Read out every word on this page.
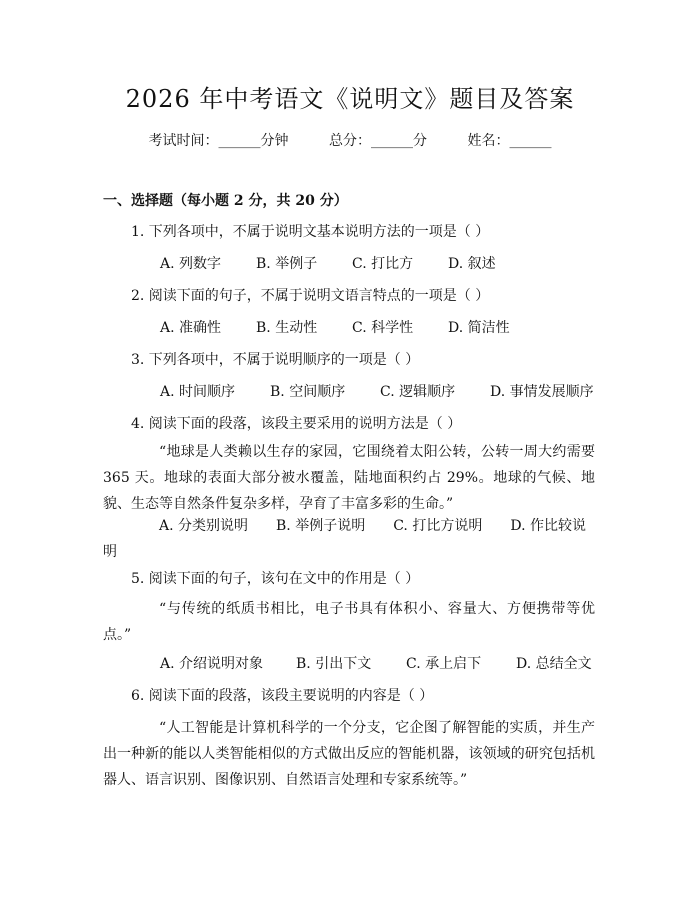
2026 年中考语文《说明文》题目及答案
考试时间：______分钟	总分：______分	姓名：______
一、选择题（每小题 2 分，共 20 分）
1. 下列各项中，不属于说明文基本说明方法的一项是（ ）
A. 列数字	B. 举例子	C. 打比方	D. 叙述
2. 阅读下面的句子，不属于说明文语言特点的一项是（ ）
A. 准确性	B. 生动性	C. 科学性	D. 简洁性
3. 下列各项中，不属于说明顺序的一项是（ ）
A. 时间顺序	B. 空间顺序	C. 逻辑顺序	D. 事情发展顺序
4. 阅读下面的段落，该段主要采用的说明方法是（ ）
“地球是人类赖以生存的家园，它围绕着太阳公转，公转一周大约需要 365 天。地球的表面大部分被水覆盖，陆地面积约占 29%。地球的气候、地貌、生态等自然条件复杂多样，孕育了丰富多彩的生命。”
A. 分类别说明 B. 举例子说明 C. 打比方说明 D. 作比较说明
5. 阅读下面的句子，该句在文中的作用是（ ）
“与传统的纸质书相比，电子书具有体积小、容量大、方便携带等优点。”
A. 介绍说明对象	B. 引出下文	C. 承上启下	D. 总结全文
6. 阅读下面的段落，该段主要说明的内容是（ ）
“人工智能是计算机科学的一个分支，它企图了解智能的实质，并生产出一种新的能以人类智能相似的方式做出反应的智能机器，该领域的研究包括机器人、语言识别、图像识别、自然语言处理和专家系统等。”
